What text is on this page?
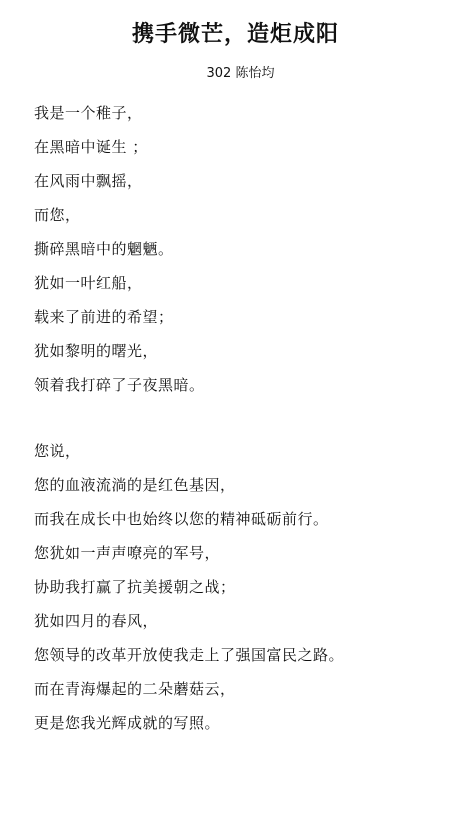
携手微芒，造炬成阳
302 陈怡均
我是一个稚子，
在黑暗中诞生 ；
在风雨中飘摇，
而您，
撕碎黑暗中的魍魉。
犹如一叶红船，
载来了前进的希望；
犹如黎明的曙光，
领着我打碎了子夜黑暗。
您说，
您的血液流淌的是红色基因，
而我在成长中也始终以您的精神砥砺前行。
您犹如一声声嘹亮的军号，
协助我打赢了抗美援朝之战；
犹如四月的春风，
您领导的改革开放使我走上了强国富民之路。
而在青海爆起的二朵蘑菇云，
更是您我光辉成就的写照。
